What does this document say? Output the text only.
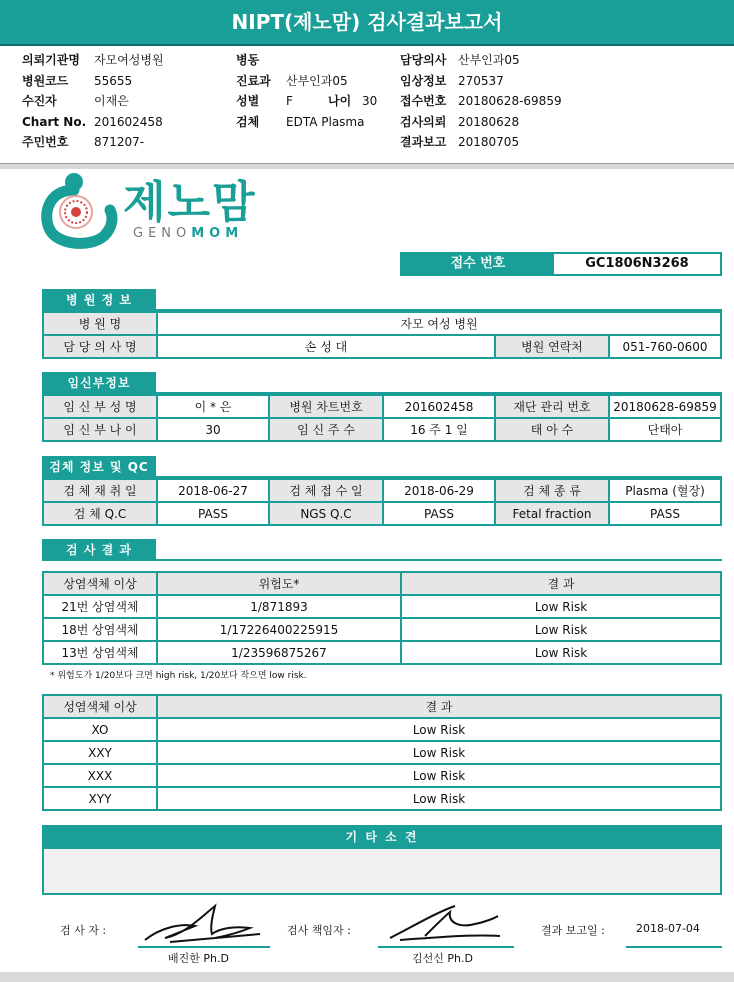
NIPT(제노맘) 검사결과보고서
의뢰기관명 자모여성병원
병원코드 55655
수진자	이재은
Chart No. 201602458
주민번호 871207-
병동
진료과 산부인과05
성별 F	나이 30
검체 EDTA Plasma
담당의사 산부인과05
임상정보 270537
접수번호 20180628-69859
검사의뢰 20180628
결과보고 20180705
제노맘
GENOMOM
접수 번호	GC1806N3268
병 원 정 보
병 원 명	자모 여성 병원		
담 당 의 사 명	손 성 대	병원 연락처	051-760-0600
임신부정보
임 신 부 성 명	이 * 은	병원 차트번호	201602458	재단 관리 번호	20180628-69859
임 신 부 나 이	30	임 신 주 수	16 주 1 일	태 아 수	단태아
검체 정보 및 QC
검 체 채 취 일	2018-06-27	검 체 접 수 일	2018-06-29	검 체 종 류	Plasma (혈장)
검 체 Q.C	PASS	NGS Q.C	PASS	Fetal fraction	PASS
검 사 결 과
상염색체 이상	위험도*	결 과
21번 상염색체	1/871893	Low Risk
18번 상염색체	1/17226400225915	Low Risk
13번 상염색체	1/23596875267	Low Risk
* 위험도가 1/20보다 크면 high risk, 1/20보다 작으면 low risk.
성염색체 이상	결 과
XO	Low Risk
XXY	Low Risk
XXX	Low Risk
XYY	Low Risk
기 타 소 견
검 사 자 :
배진한 Ph.D
검사 책임자 :
김선신 Ph.D
결과 보고일 :	2018-07-04
